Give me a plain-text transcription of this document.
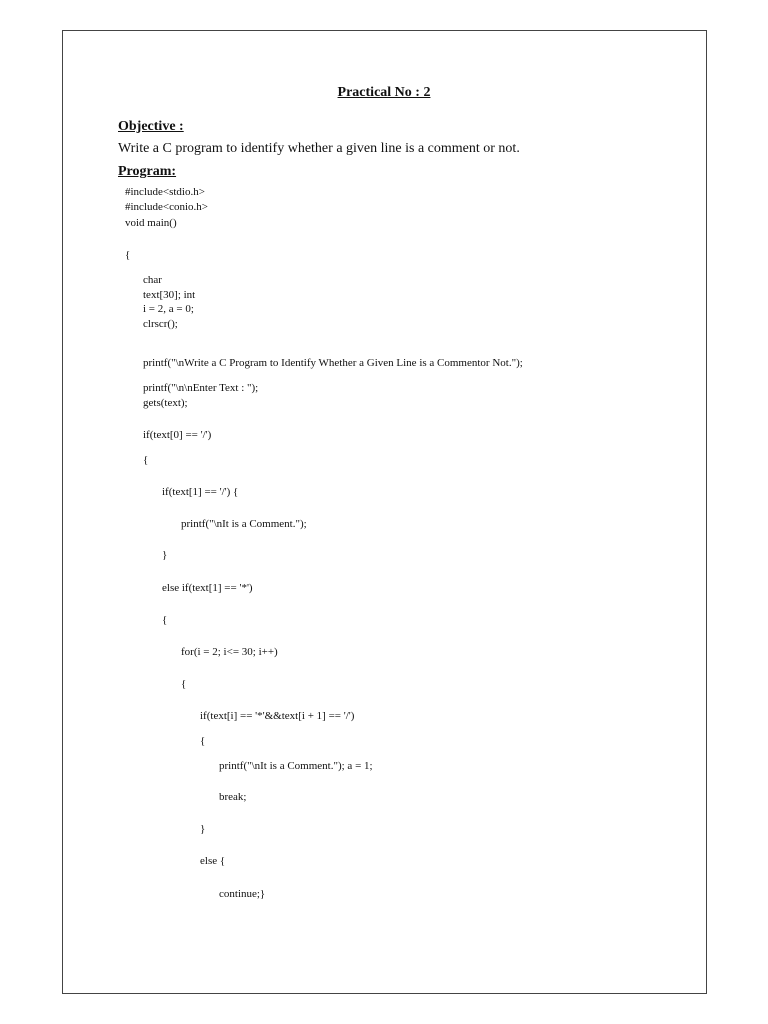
Practical No : 2
Objective :
Write a C program to identify whether a given line is a comment or not.
Program:
#include<stdio.h>
#include<conio.h>
void main()
{
char
text[30]; int
i = 2, a = 0;
clrscr();
printf("\nWrite a C Program to Identify Whether a Given Line is a Commentor Not.");
printf("\n\nEnter Text : ");
gets(text);
if(text[0] == '/')
{
if(text[1] == '/') {
printf("\nIt is a Comment.");
}
else if(text[1] == '*')
{
for(i = 2; i<= 30; i++)
{
if(text[i] == '*'&&text[i + 1] == '/')
{
printf("\nIt is a Comment."); a = 1;
break;
}
else {
continue;}
